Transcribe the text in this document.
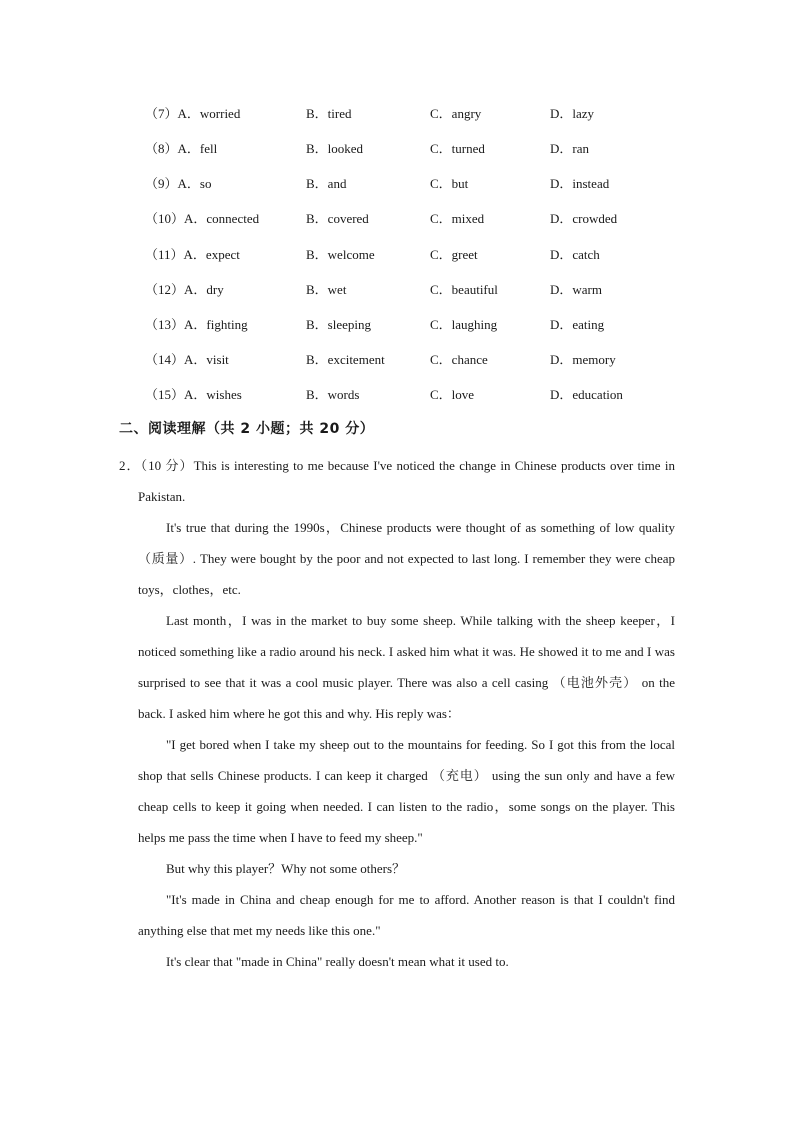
（7）A．worried	B．tired	C．angry	D．lazy
（8）A．fell	B．looked	C．turned	D．ran
（9）A．so	B．and	C．but	D．instead
（10）A．connected	B．covered	C．mixed	D．crowded
（11）A．expect	B．welcome	C．greet	D．catch
（12）A．dry	B．wet	C．beautiful	D．warm
（13）A．fighting	B．sleeping	C．laughing	D．eating
（14）A．visit	B．excitement	C．chance	D．memory
（15）A．wishes	B．words	C．love	D．education
二、阅读理解（共 2 小题；共 20 分）

2．（10 分）This is interesting to me because I've noticed the change in Chinese products over time in Pakistan.

It's true that during the 1990s，Chinese products were thought of as something of low quality （质量）. They were bought by the poor and not expected to last long. I remember they were cheap toys，clothes，etc.

Last month，I was in the market to buy some sheep. While talking with the sheep keeper，I noticed something like a radio around his neck. I asked him what it was. He showed it to me and I was surprised to see that it was a cool music player. There was also a cell casing （电池外壳） on the back. I asked him where he got this and why. His reply was：

"I get bored when I take my sheep out to the mountains for feeding. So I got this from the local shop that sells Chinese products. I can keep it charged （充电） using the sun only and have a few cheap cells to keep it going when needed. I can listen to the radio，some songs on the player. This helps me pass the time when I have to feed my sheep."

But why this player？Why not some others？

"It's made in China and cheap enough for me to afford. Another reason is that I couldn't find anything else that met my needs like this one."

It's clear that "made in China" really doesn't mean what it used to.
